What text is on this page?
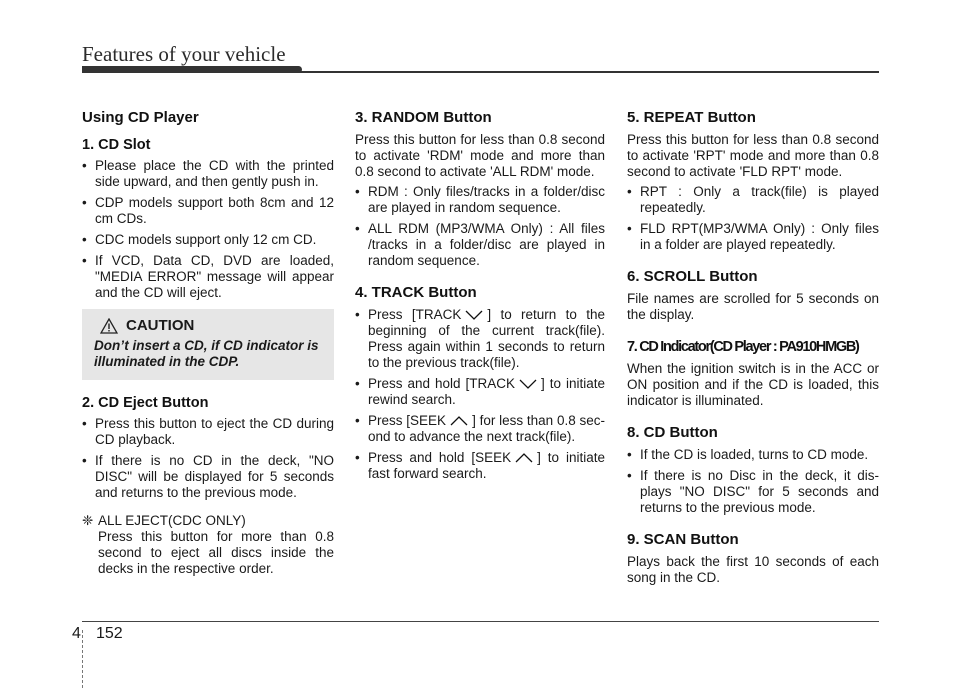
Features of your vehicle
Using CD Player
1. CD Slot
• Please place the CD with the printed side upward, and then gently push in.
• CDP models support both 8cm and 12 cm CDs.
• CDC models support only 12 cm CD.
• If VCD, Data CD, DVD are loaded, "MEDIA ERROR" message will appear and the CD will eject.
CAUTION
Don’t insert a CD, if CD indicator is illuminated in the CDP.
2. CD Eject Button
• Press this button to eject the CD during CD playback.
• If there is no CD in the deck, "NO DISC" will be displayed for 5 seconds and returns to the previous mode.
❈ ALL EJECT(CDC ONLY)
Press this button for more than 0.8 second to eject all discs inside the decks in the respective order.
3. RANDOM Button

Press this button for less than 0.8 second to activate 'RDM' mode and more than 0.8 second to activate 'ALL RDM' mode.

• RDM : Only files/tracks in a folder/disc are played in random sequence.
• ALL RDM (MP3/WMA Only) : All files /tracks in a folder/disc are played in random sequence.
4. TRACK Button
• Press [TRACK ] to return to the beginning of the current track(file). Press again within 1 seconds to return to the previous track(file).
• Press and hold [TRACK ] to initiate rewind search.
• Press [SEEK ] for less than 0.8 sec- ond to advance the next track(file).
• Press and hold [SEEK ] to initiate fast forward search.
5. REPEAT Button

Press this button for less than 0.8 second to activate 'RPT' mode and more than 0.8 second to activate 'FLD RPT' mode.

• RPT : Only a track(file) is played repeatedly.
• FLD RPT(MP3/WMA Only) : Only files in a folder are played repeatedly.
6. SCROLL Button

File names are scrolled for 5 seconds on the display.

7. CD Indicator(CD Player : PA910HMGB)

When the ignition switch is in the ACC or ON position and if the CD is loaded, this indicator is illuminated.

8. CD Button
• If the CD is loaded, turns to CD mode.
• If there is no Disc in the deck, it dis- plays "NO DISC" for 5 seconds and returns to the previous mode.
9. SCAN Button

Plays back the first 10 seconds of each song in the CD.

4 152
